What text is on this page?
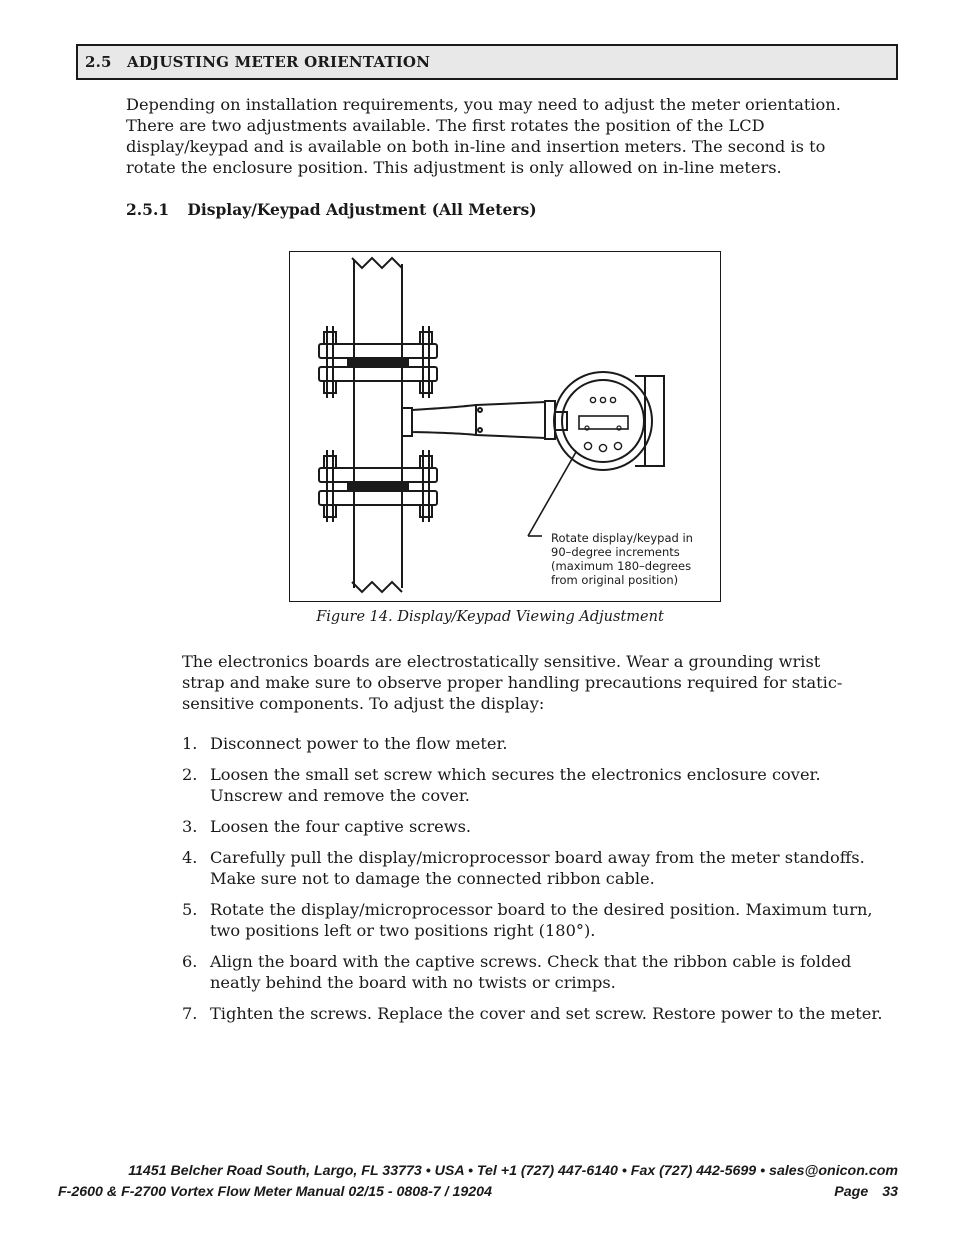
2.5	ADJUSTING METER ORIENTATION

Depending on installation requirements, you may need to adjust the meter orientation. There are two adjustments available. The first rotates the position of the LCD display/keypad and is available on both in-line and insertion meters. The second is to rotate the enclosure position. This adjustment is only allowed on in-line meters.

2.5.1 Display/Keypad Adjustment (All Meters)
Rotate display/keypad in
90–degree increments
(maximum 180–degrees
from original position)
Figure 14. Display/Keypad Viewing Adjustment

The electronics boards are electrostatically sensitive. Wear a grounding wrist strap and make sure to observe proper handling precautions required for static-sensitive components. To adjust the display:

1. Disconnect power to the flow meter.
2. Loosen the small set screw which secures the electronics enclosure cover. Unscrew and remove the cover.
3. Loosen the four captive screws.
4. Carefully pull the display/microprocessor board away from the meter standoffs. Make sure not to damage the connected ribbon cable.
5. Rotate the display/microprocessor board to the desired position. Maximum turn, two positions left or two positions right (180°).
6. Align the board with the captive screws. Check that the ribbon cable is folded neatly behind the board with no twists or crimps.
7. Tighten the screws. Replace the cover and set screw. Restore power to the meter.
11451 Belcher Road South, Largo, FL 33773 • USA • Tel +1 (727) 447-6140 • Fax (727) 442-5699 • sales@onicon.com
F-2600 & F-2700 Vortex Flow Meter Manual 02/15 - 0808-7 / 19204	Page 33
